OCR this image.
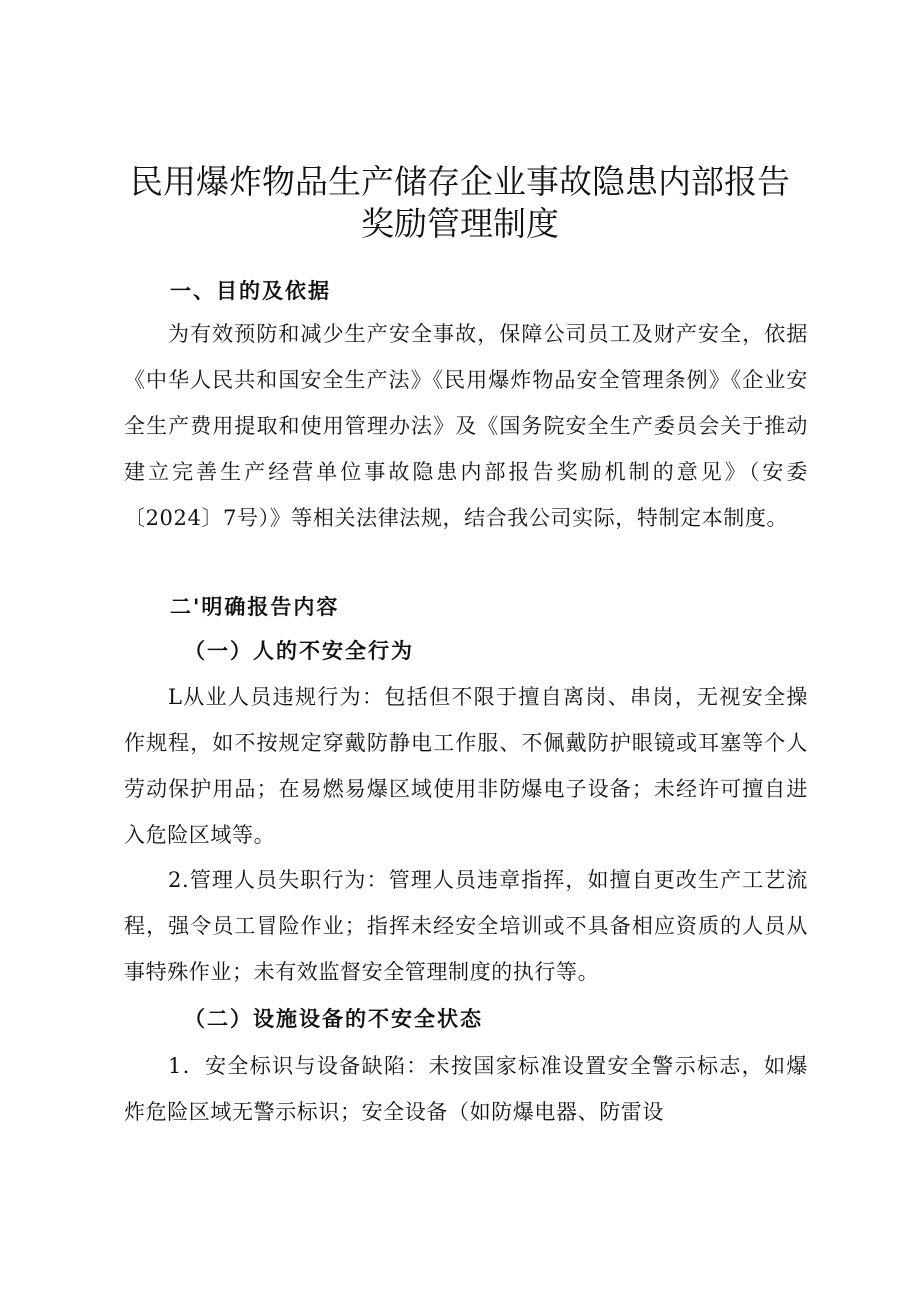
民用爆炸物品生产储存企业事故隐患内部报告
奖励管理制度
一、目的及依据

为有效预防和减少生产安全事故，保障公司员工及财产安全，依据《中华人民共和国安全生产法》《民用爆炸物品安全管理条例》《企业安全生产费用提取和使用管理办法》及《国务院安全生产委员会关于推动建立完善生产经营单位事故隐患内部报告奖励机制的意见》（安委〔2024〕7号）》等相关法律法规，结合我公司实际，特制定本制度。

二'明确报告内容
（一）人的不安全行为

L从业人员违规行为：包括但不限于擅自离岗、串岗，无视安全操作规程，如不按规定穿戴防静电工作服、不佩戴防护眼镜或耳塞等个人劳动保护用品；在易燃易爆区域使用非防爆电子设备；未经许可擅自进入危险区域等。

2.管理人员失职行为：管理人员违章指挥，如擅自更改生产工艺流程，强令员工冒险作业；指挥未经安全培训或不具备相应资质的人员从事特殊作业；未有效监督安全管理制度的执行等。

（二）设施设备的不安全状态

1．安全标识与设备缺陷：未按国家标准设置安全警示标志，如爆炸危险区域无警示标识；安全设备（如防爆电器、防雷设
